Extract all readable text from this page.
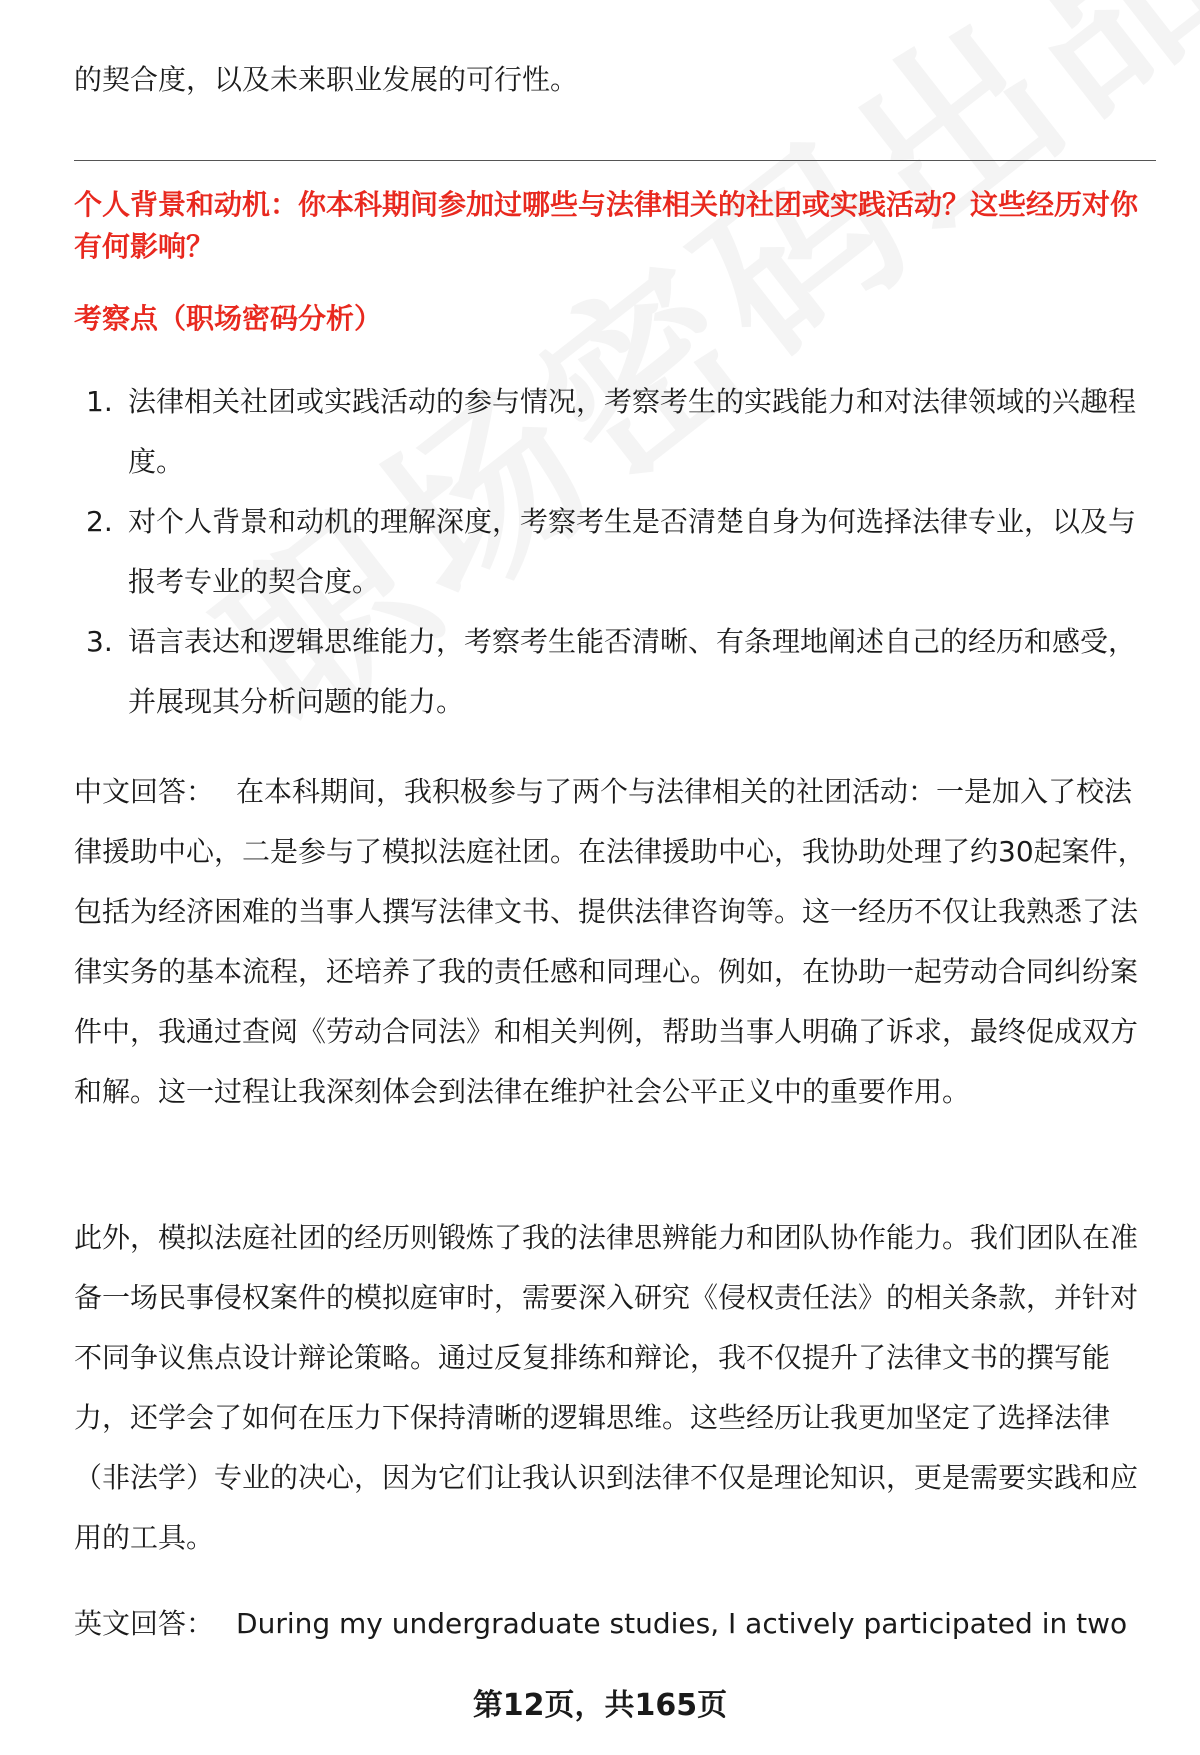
的契合度，以及未来职业发展的可行性。
个人背景和动机：你本科期间参加过哪些与法律相关的社团或实践活动？这些经历对你有何影响？
考察点（职场密码分析）
1. 法律相关社团或实践活动的参与情况，考察考生的实践能力和对法律领域的兴趣程度。
2. 对个人背景和动机的理解深度，考察考生是否清楚自身为何选择法律专业，以及与报考专业的契合度。
3. 语言表达和逻辑思维能力，考察考生能否清晰、有条理地阐述自己的经历和感受，并展现其分析问题的能力。
中文回答： 在本科期间，我积极参与了两个与法律相关的社团活动：一是加入了校法律援助中心，二是参与了模拟法庭社团。在法律援助中心，我协助处理了约30起案件，包括为经济困难的当事人撰写法律文书、提供法律咨询等。这一经历不仅让我熟悉了法律实务的基本流程，还培养了我的责任感和同理心。例如，在协助一起劳动合同纠纷案件中，我通过查阅《劳动合同法》和相关判例，帮助当事人明确了诉求，最终促成双方和解。这一过程让我深刻体会到法律在维护社会公平正义中的重要作用。
此外，模拟法庭社团的经历则锻炼了我的法律思辨能力和团队协作能力。我们团队在准备一场民事侵权案件的模拟庭审时，需要深入研究《侵权责任法》的相关条款，并针对不同争议焦点设计辩论策略。通过反复排练和辩论，我不仅提升了法律文书的撰写能力，还学会了如何在压力下保持清晰的逻辑思维。这些经历让我更加坚定了选择法律（非法学）专业的决心，因为它们让我认识到法律不仅是理论知识，更是需要实践和应用的工具。
英文回答： During my undergraduate studies, I actively participated in two
第12页，共165页
